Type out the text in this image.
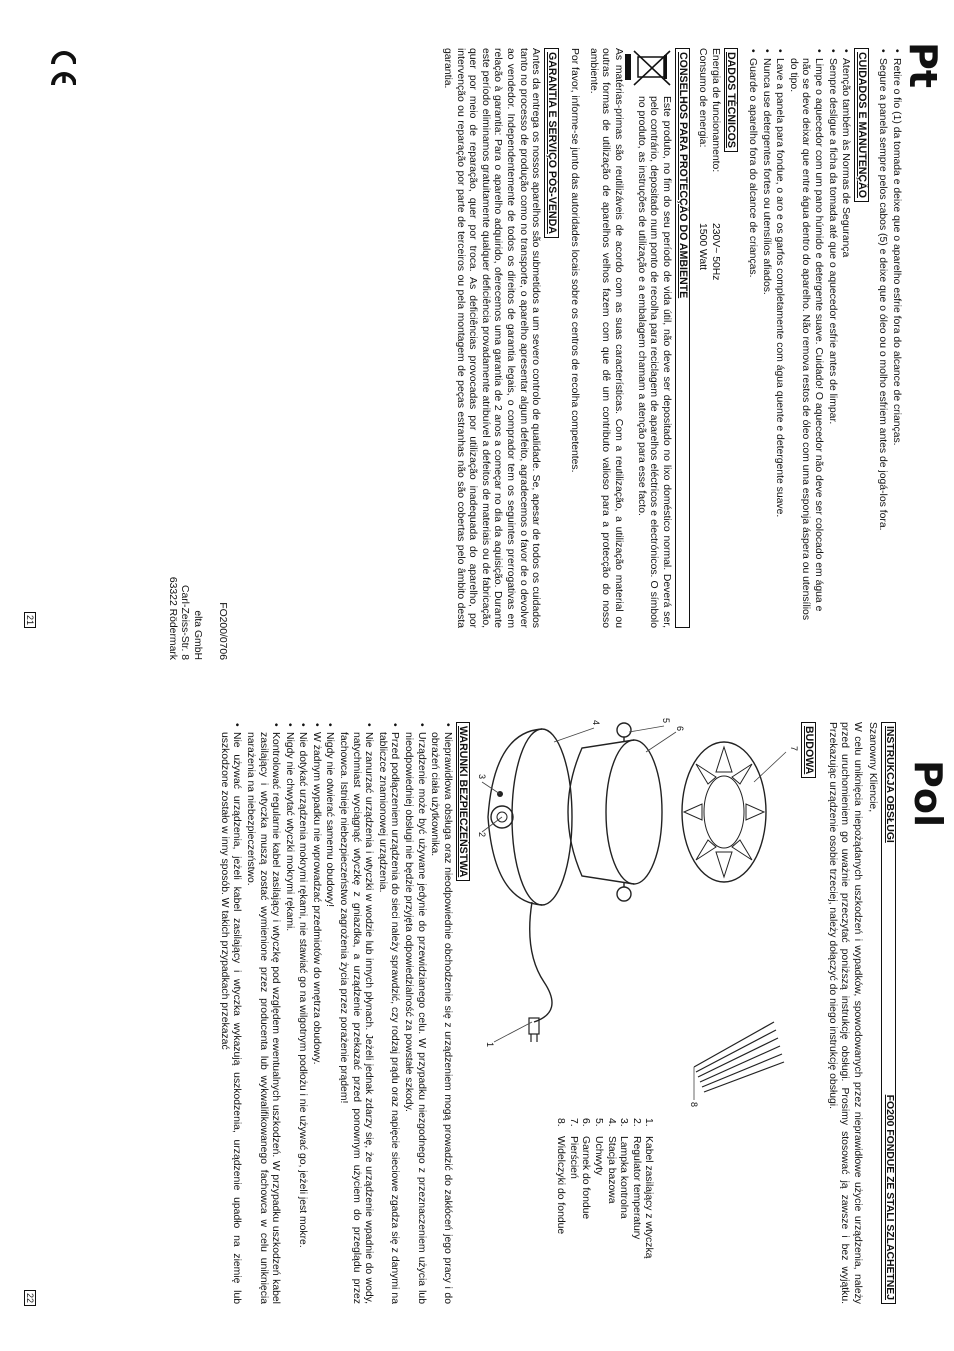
• Retire o fio (1) da tomada e deixe que o aparelho esfrie fora do alcance de crianças.
• Segure a panela sempre pelos cabos (5) e deixe que o óleo ou o molho esfriem antes de jogá-los fora.
CUIDADOS E MANUTENÇÃO
• Atenção também às Normas de Segurança
• Sempre desligue a ficha da tomada até que o aquecedor esfrie antes de limpar.
• Limpe o aquecedor com um pano húmido e detergente suave. Cuidado! O aquecedor não deve ser colocado em água e não se deve deixar que entre água dentro do aparelho. Não remova restos de óleo com uma esponja áspera ou utensílios do tipo.
• Lave a panela para fondue, o aro e os garfos completamente com água quente e detergente suave.
• Nunca use detergentes fortes ou utensílios afiados.
• Guarde o aparelho fora do alcance de crianças.
DADOS TÉCNICOS
Energia de funcionamento:
230V~ 50Hz
Consumo de energia:
1500 Watt
CONSELHOS PARA PROTECÇÃO DO AMBIENTE

Este produto, no fim do seu período de vida útil, não deve ser depositado no lixo doméstico normal. Deverá ser, pelo contrário, depositado num ponto de recolha para reciclagem de aparelhos eléctricos e electrónicos. O símbolo no produto, as instruções de utilização e a embalagem chamam a atenção para esse facto.

As matérias-primas são reutilizáveis de acordo com as suas características. Com a reutilização, a utilização material ou outras formas de utilização de aparelhos velhos fazem com que dê um contributo valioso para a protecção do nosso ambiente.

Por favor, informe-se junto das autoridades locais sobre os centros de recolha competentes.

GARANTIA E SERVIÇO PÓS-VENDA

Antes da entrega os nossos aparelhos são submetidos a um severo controlo de qualidade. Se, apesar de todos os cuidados tanto no processo de produção como no transporte, o aparelho apresentar algum defeito, agradecemos o favor de o devolver ao vendedor. Independentemente de todos os direitos de garantia legais, o comprador tem os seguintes prerrogativas em relação à garantia: Para o aparelho adquirido, oferecemos uma garantia de 2 anos a começar no dia da aquisição. Durante este período eliminamos gratuitamente qualquer deficiência provadamente atribuível a defeitos de materiais ou de fabricação, quer por meio de reparação, quer por troca. As deficiências provocadas por utilização inadequada do aparelho, por intervenção ou reparação por parte de terceiros ou pela montagem de peças estranhas não são cobertas pelo âmbito desta garantia.

FO200/0706

elta GmbH

Carl-Zeiss-Str. 8

63322 Rödermark

Pt
21
Pol
INSTRUKCJA OBSŁUGI
FO200 FONDUE ZE STALI SZLACHETNEJ

Szanowny Kliencie,

W celu uniknięcia niepożądanych uszkodzeń i wypadków, spowodowanych przez nieprawidłowe użycie urządzenia, należy przed uruchomieniem go uważnie przeczytać poniższą instrukcję obsługi. Prosimy stosować ją zawsze i bez wyjątku. Przekazując urządzenie osobie trzeciej, należy dołączyć do niego instrukcję obsługi.

BUDOWA
7
6
5
4
3
2
1
8
1.Kabel zasilający z wtyczką
2.Regulator temperatury
3.Lampka kontrolna
4.Stacja bazowa
5.Uchwyty
6.Garnek do fondue
7.Pierścień
8.Widelczyki do fondue
WARUNKI BEZPIECZEŃSTWA
• Nieprawidłowa obsługa oraz nieodpowiednie obchodzenie się z urządzeniem mogą prowadzić do zakłóceń jego pracy i do obrażeń ciała użytkownika.
• Urządzenie może być używane jedynie do przewidzianego celu. W przypadku niezgodnego z przeznaczeniem użycia lub nieodpowiedniej obsługi nie będzie przyjęta odpowiedzialność za powstałe szkody.
• Przed podłączeniem urządzenia do sieci należy sprawdzić, czy rodzaj prądu oraz napięcie sieciowe zgadza się z danymi na tabliczce znamionowej urządzenia.
• Nie zanurzać urządzenia i wtyczki w wodzie lub innych płynach. Jeżeli jednak zdarzy się, że urządzenie wpadnie do wody, natychmiast wyciągnąć wtyczkę z gniazdka, a urządzenie przekazać przed ponownym użyciem do przeglądu przez fachowca. Istnieje niebezpieczeństwo zagrożenia życia przez porażenie prądem!
• Nigdy nie otwierać samemu obudowy!
• W żadnym wypadku nie wprowadzać przedmiotów do wnętrza obudowy.
• Nie dotykać urządzenia mokrymi rękami, nie stawiać go na wilgotnym podłożu i nie używać go, jeżeli jest mokre.
• Nigdy nie chwytać wtyczki mokrymi rękami.
• Kontrolować regularnie kabel zasilający i wtyczkę pod względem ewentualnych uszkodzeń. W przypadku uszkodzeń kabel zasilający i wtyczka muszą zostać wymienione przez producenta lub wykwalifikowanego fachowca w celu uniknięcia narażenia na niebezpieczeństwo.
• Nie używać urządzenia, jeżeli kabel zasilający i wtyczka wykazują uszkodzenia, urządzenie upadło na ziemię lub uszkodzone zostało w inny sposób. W takich przypadkach przekazać
22
